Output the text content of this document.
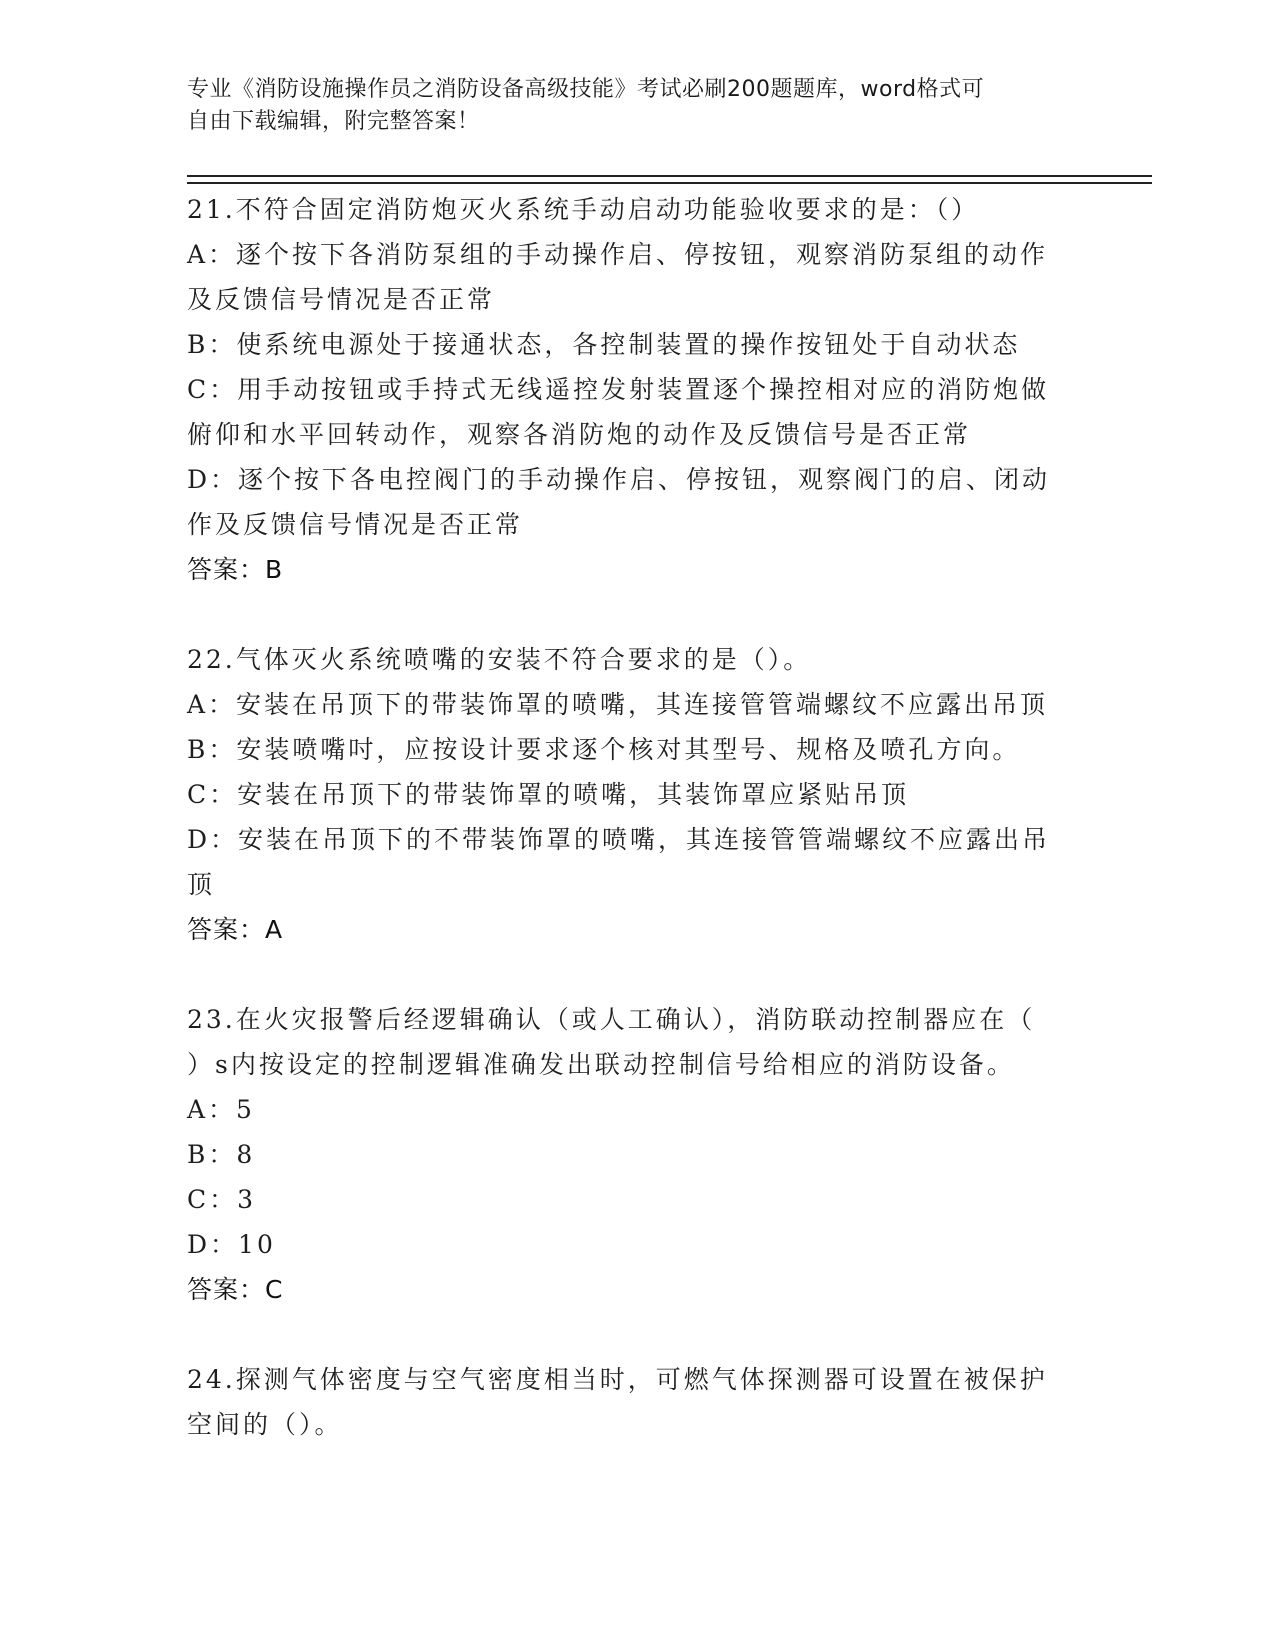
专业《消防设施操作员之消防设备高级技能》考试必刷200题题库，word格式可
自由下载编辑，附完整答案！
21.不符合固定消防炮灭火系统手动启动功能验收要求的是：（）
A：逐个按下各消防泵组的手动操作启、停按钮，观察消防泵组的动作
及反馈信号情况是否正常
B：使系统电源处于接通状态，各控制装置的操作按钮处于自动状态
C：用手动按钮或手持式无线遥控发射装置逐个操控相对应的消防炮做
俯仰和水平回转动作，观察各消防炮的动作及反馈信号是否正常
D：逐个按下各电控阀门的手动操作启、停按钮，观察阀门的启、闭动
作及反馈信号情况是否正常
答案：B
22.气体灭火系统喷嘴的安装不符合要求的是（）。
A：安装在吊顶下的带装饰罩的喷嘴，其连接管管端螺纹不应露出吊顶
B：安装喷嘴吋，应按设计要求逐个核对其型号、规格及喷孔方向。
C：安装在吊顶下的带装饰罩的喷嘴，其装饰罩应紧贴吊顶
D：安装在吊顶下的不带装饰罩的喷嘴，其连接管管端螺纹不应露出吊
顶
答案：A
23.在火灾报警后经逻辑确认（或人工确认），消防联动控制器应在（
）s内按设定的控制逻辑准确发出联动控制信号给相应的消防设备。
A：5
B：8
C：3
D：10
答案：C
24.探测气体密度与空气密度相当时，可燃气体探测器可设置在被保护
空间的（）。
